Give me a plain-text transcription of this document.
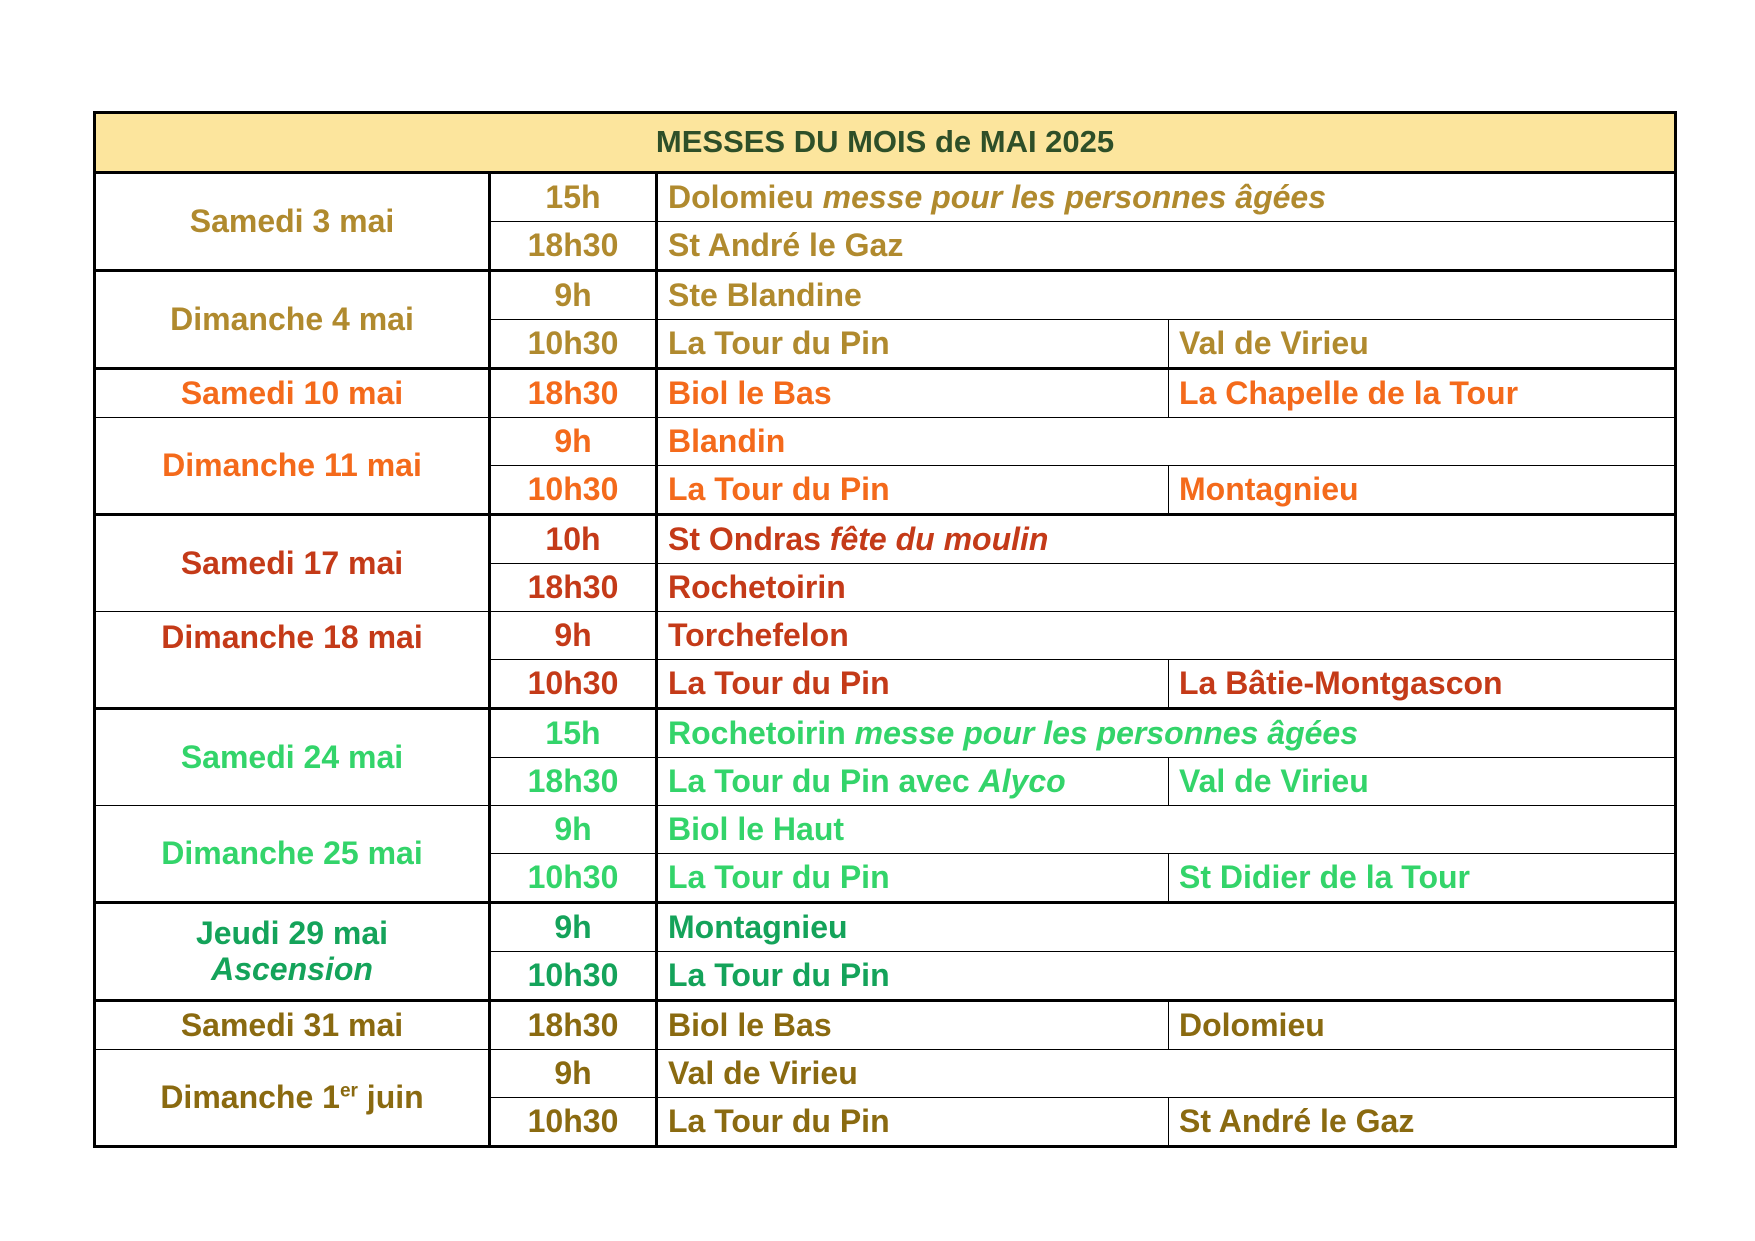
MESSES DU MOIS de MAI 2025			
Samedi 3 mai	15h	Dolomieu messe pour les personnes âgées	
	18h30	St André le Gaz	
Dimanche 4 mai	9h	Ste Blandine	
	10h30	La Tour du Pin	Val de Virieu
Samedi 10 mai	18h30	Biol le Bas	La Chapelle de la Tour
Dimanche 11 mai	9h	Blandin	
	10h30	La Tour du Pin	Montagnieu
Samedi 17 mai	10h	St Ondras fête du moulin	
	18h30	Rochetoirin	
Dimanche 18 mai	9h	Torchefelon	
	10h30	La Tour du Pin	La Bâtie-Montgascon
Samedi 24 mai	15h	Rochetoirin messe pour les personnes âgées	
	18h30	La Tour du Pin avec Alyco	Val de Virieu
Dimanche 25 mai	9h	Biol le Haut	
	10h30	La Tour du Pin	St Didier de la Tour

Jeudi 29 mai
Ascension	9h	Montagnieu	
	10h30	La Tour du Pin	
Samedi 31 mai	18h30	Biol le Bas	Dolomieu
Dimanche 1er juin	9h	Val de Virieu	
	10h30	La Tour du Pin	St André le Gaz
